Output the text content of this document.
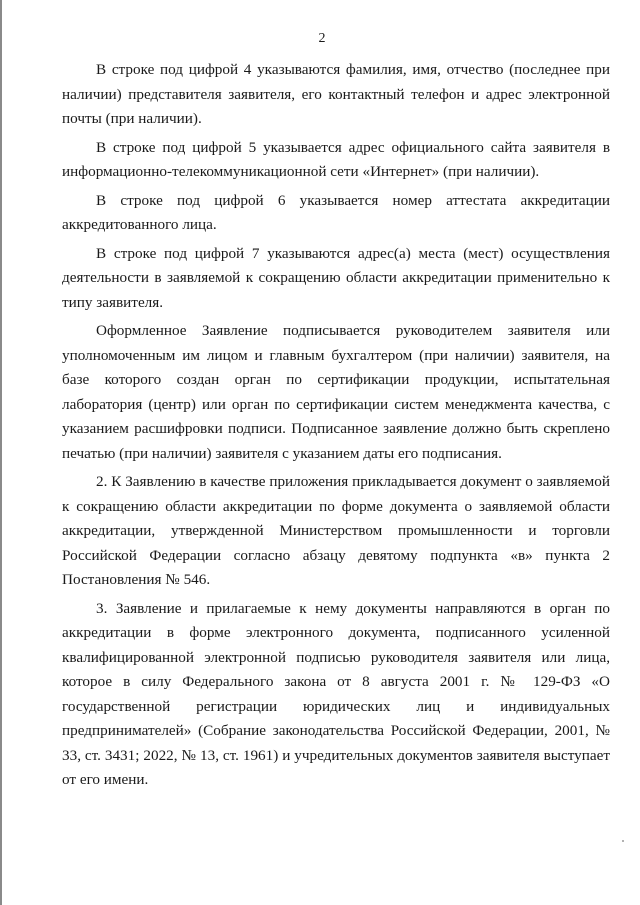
2

В строке под цифрой 4 указываются фамилия, имя, отчество (последнее при наличии) представителя заявителя, его контактный телефон и адрес электронной почты (при наличии).

В строке под цифрой 5 указывается адрес официального сайта заявителя в информационно-телекоммуникационной сети «Интернет» (при наличии).

В строке под цифрой 6 указывается номер аттестата аккредитации аккредитованного лица.

В строке под цифрой 7 указываются адрес(а) места (мест) осуществления деятельности в заявляемой к сокращению области аккредитации применительно к типу заявителя.

Оформленное Заявление подписывается руководителем заявителя или уполномоченным им лицом и главным бухгалтером (при наличии) заявителя, на базе которого создан орган по сертификации продукции, испытательная лаборатория (центр) или орган по сертификации систем менеджмента качества, с указанием расшифровки подписи. Подписанное заявление должно быть скреплено печатью (при наличии) заявителя с указанием даты его подписания.

2. К Заявлению в качестве приложения прикладывается документ о заявляемой к сокращению области аккредитации по форме документа о заявляемой области аккредитации, утвержденной Министерством промышленности и торговли Российской Федерации согласно абзацу девятому подпункта «в» пункта 2 Постановления № 546.

3. Заявление и прилагаемые к нему документы направляются в орган по аккредитации в форме электронного документа, подписанного усиленной квалифицированной электронной подписью руководителя заявителя или лица, которое в силу Федерального закона от 8 августа 2001 г. № 129-ФЗ «О государственной регистрации юридических лиц и индивидуальных предпринимателей» (Собрание законодательства Российской Федерации, 2001, № 33, ст. 3431; 2022, № 13, ст. 1961) и учредительных документов заявителя выступает от его имени.
